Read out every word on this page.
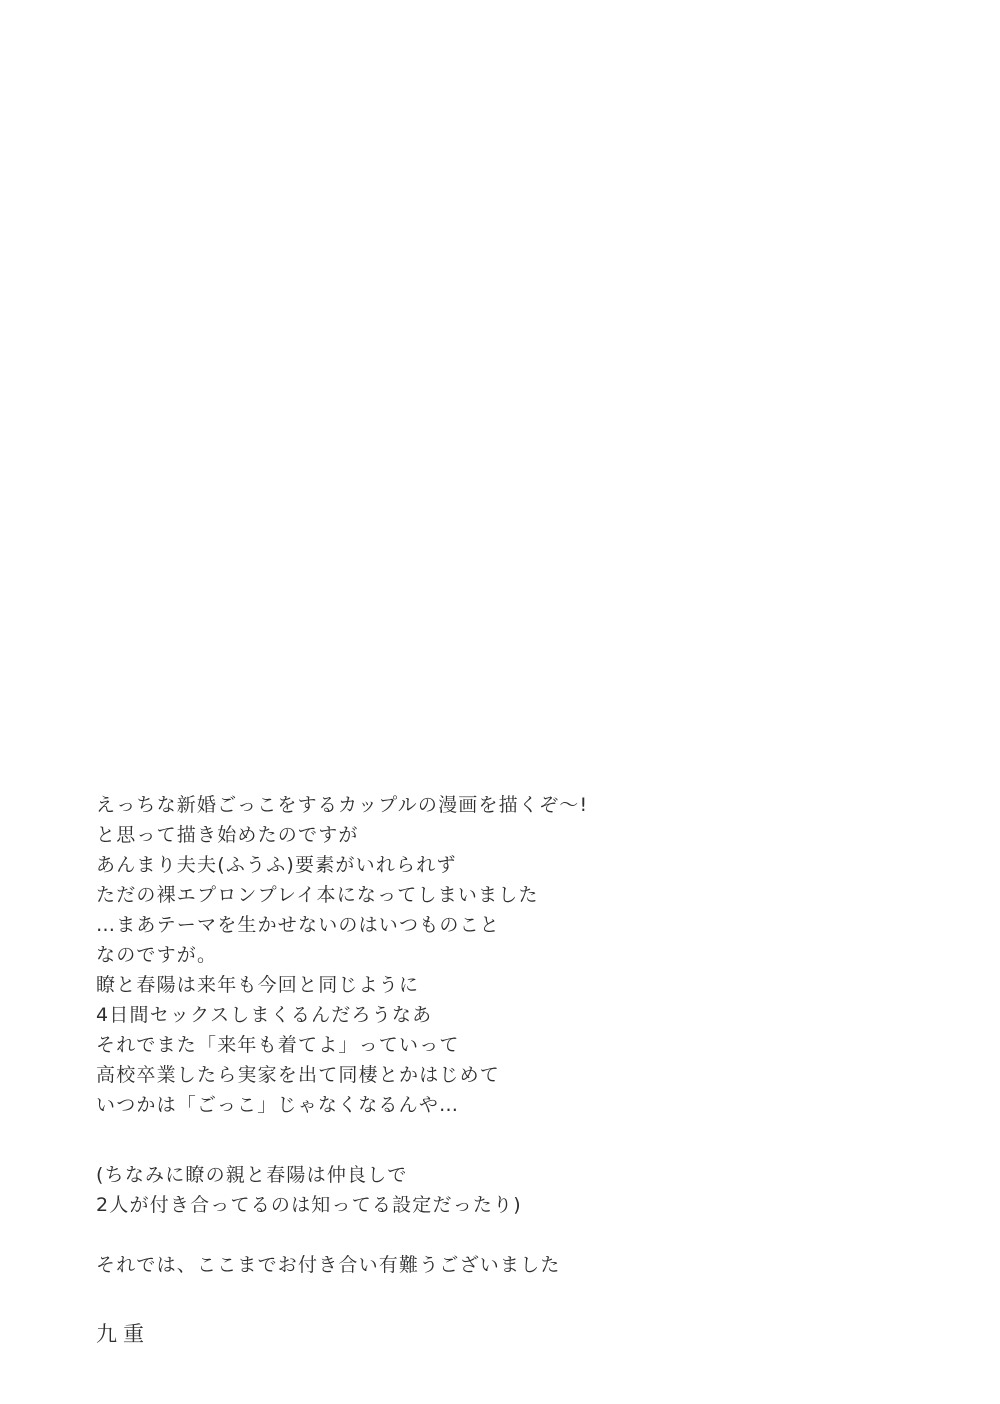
えっちな新婚ごっこをするカップルの漫画を描くぞ〜!
と思って描き始めたのですが
あんまり夫夫(ふうふ)要素がいれられず
ただの裸エプロンプレイ本になってしまいました
…まあテーマを生かせないのはいつものこと
なのですが。
瞭と春陽は来年も今回と同じように
4日間セックスしまくるんだろうなあ
それでまた「来年も着てよ」っていって
高校卒業したら実家を出て同棲とかはじめて
いつかは「ごっこ」じゃなくなるんや…
(ちなみに瞭の親と春陽は仲良しで
2人が付き合ってるのは知ってる設定だったり)
それでは、ここまでお付き合い有難うございました
九重
